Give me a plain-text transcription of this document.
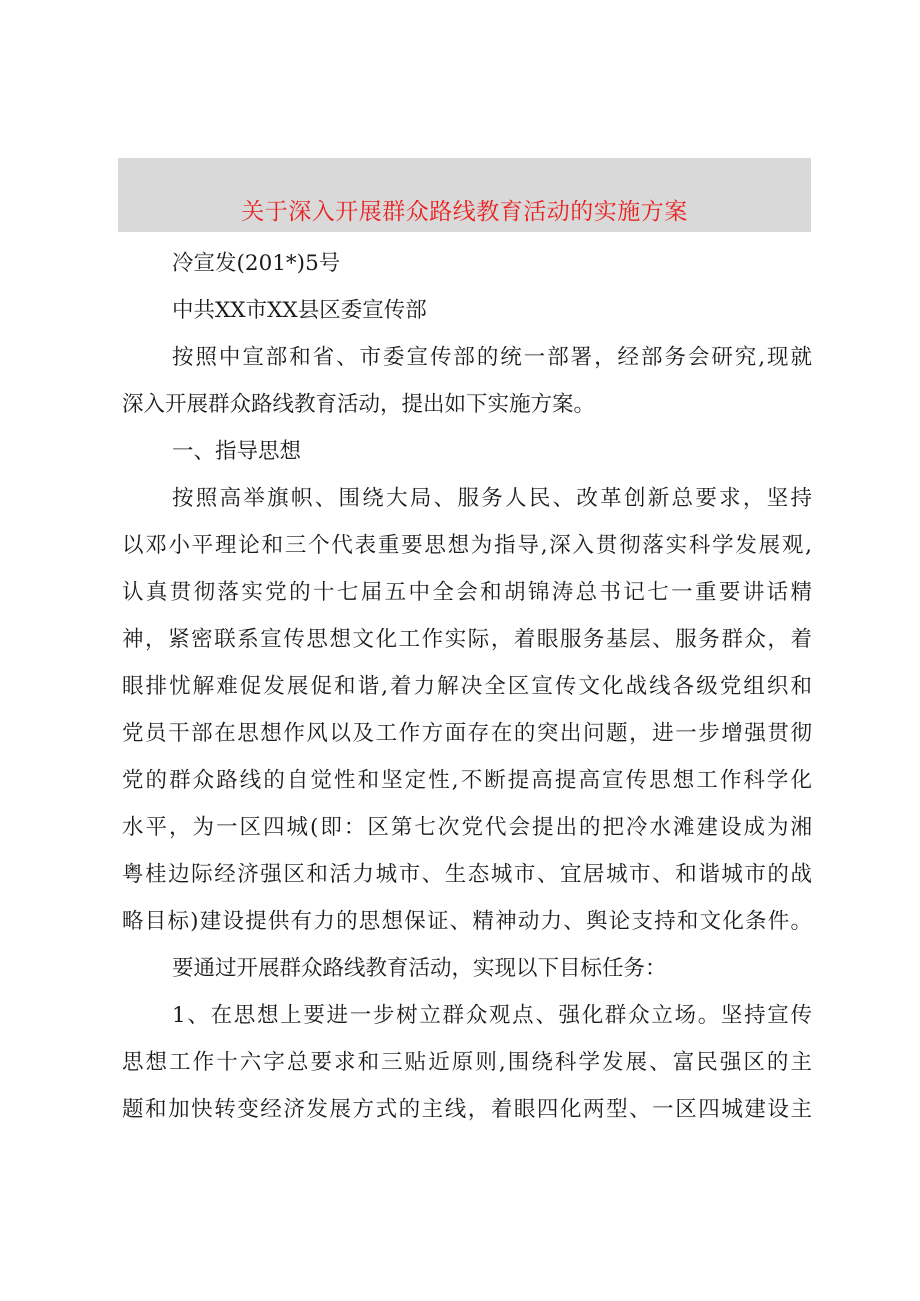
关于深入开展群众路线教育活动的实施方案
冷宣发(201*)5号
中共XX市XX县区委宣传部
按照中宣部和省、市委宣传部的统一部署，经部务会研究,现就
深入开展群众路线教育活动，提出如下实施方案。
一、指导思想
按照高举旗帜、围绕大局、服务人民、改革创新总要求，坚持
以邓小平理论和三个代表重要思想为指导,深入贯彻落实科学发展观,
认真贯彻落实党的十七届五中全会和胡锦涛总书记七一重要讲话精
神，紧密联系宣传思想文化工作实际，着眼服务基层、服务群众，着
眼排忧解难促发展促和谐,着力解决全区宣传文化战线各级党组织和
党员干部在思想作风以及工作方面存在的突出问题，进一步增强贯彻
党的群众路线的自觉性和坚定性,不断提高提高宣传思想工作科学化
水平，为一区四城(即：区第七次党代会提出的把冷水滩建设成为湘
粤桂边际经济强区和活力城市、生态城市、宜居城市、和谐城市的战
略目标)建设提供有力的思想保证、精神动力、舆论支持和文化条件。
要通过开展群众路线教育活动，实现以下目标任务：
1、在思想上要进一步树立群众观点、强化群众立场。坚持宣传
思想工作十六字总要求和三贴近原则,围绕科学发展、富民强区的主
题和加快转变经济发展方式的主线，着眼四化两型、一区四城建设主
